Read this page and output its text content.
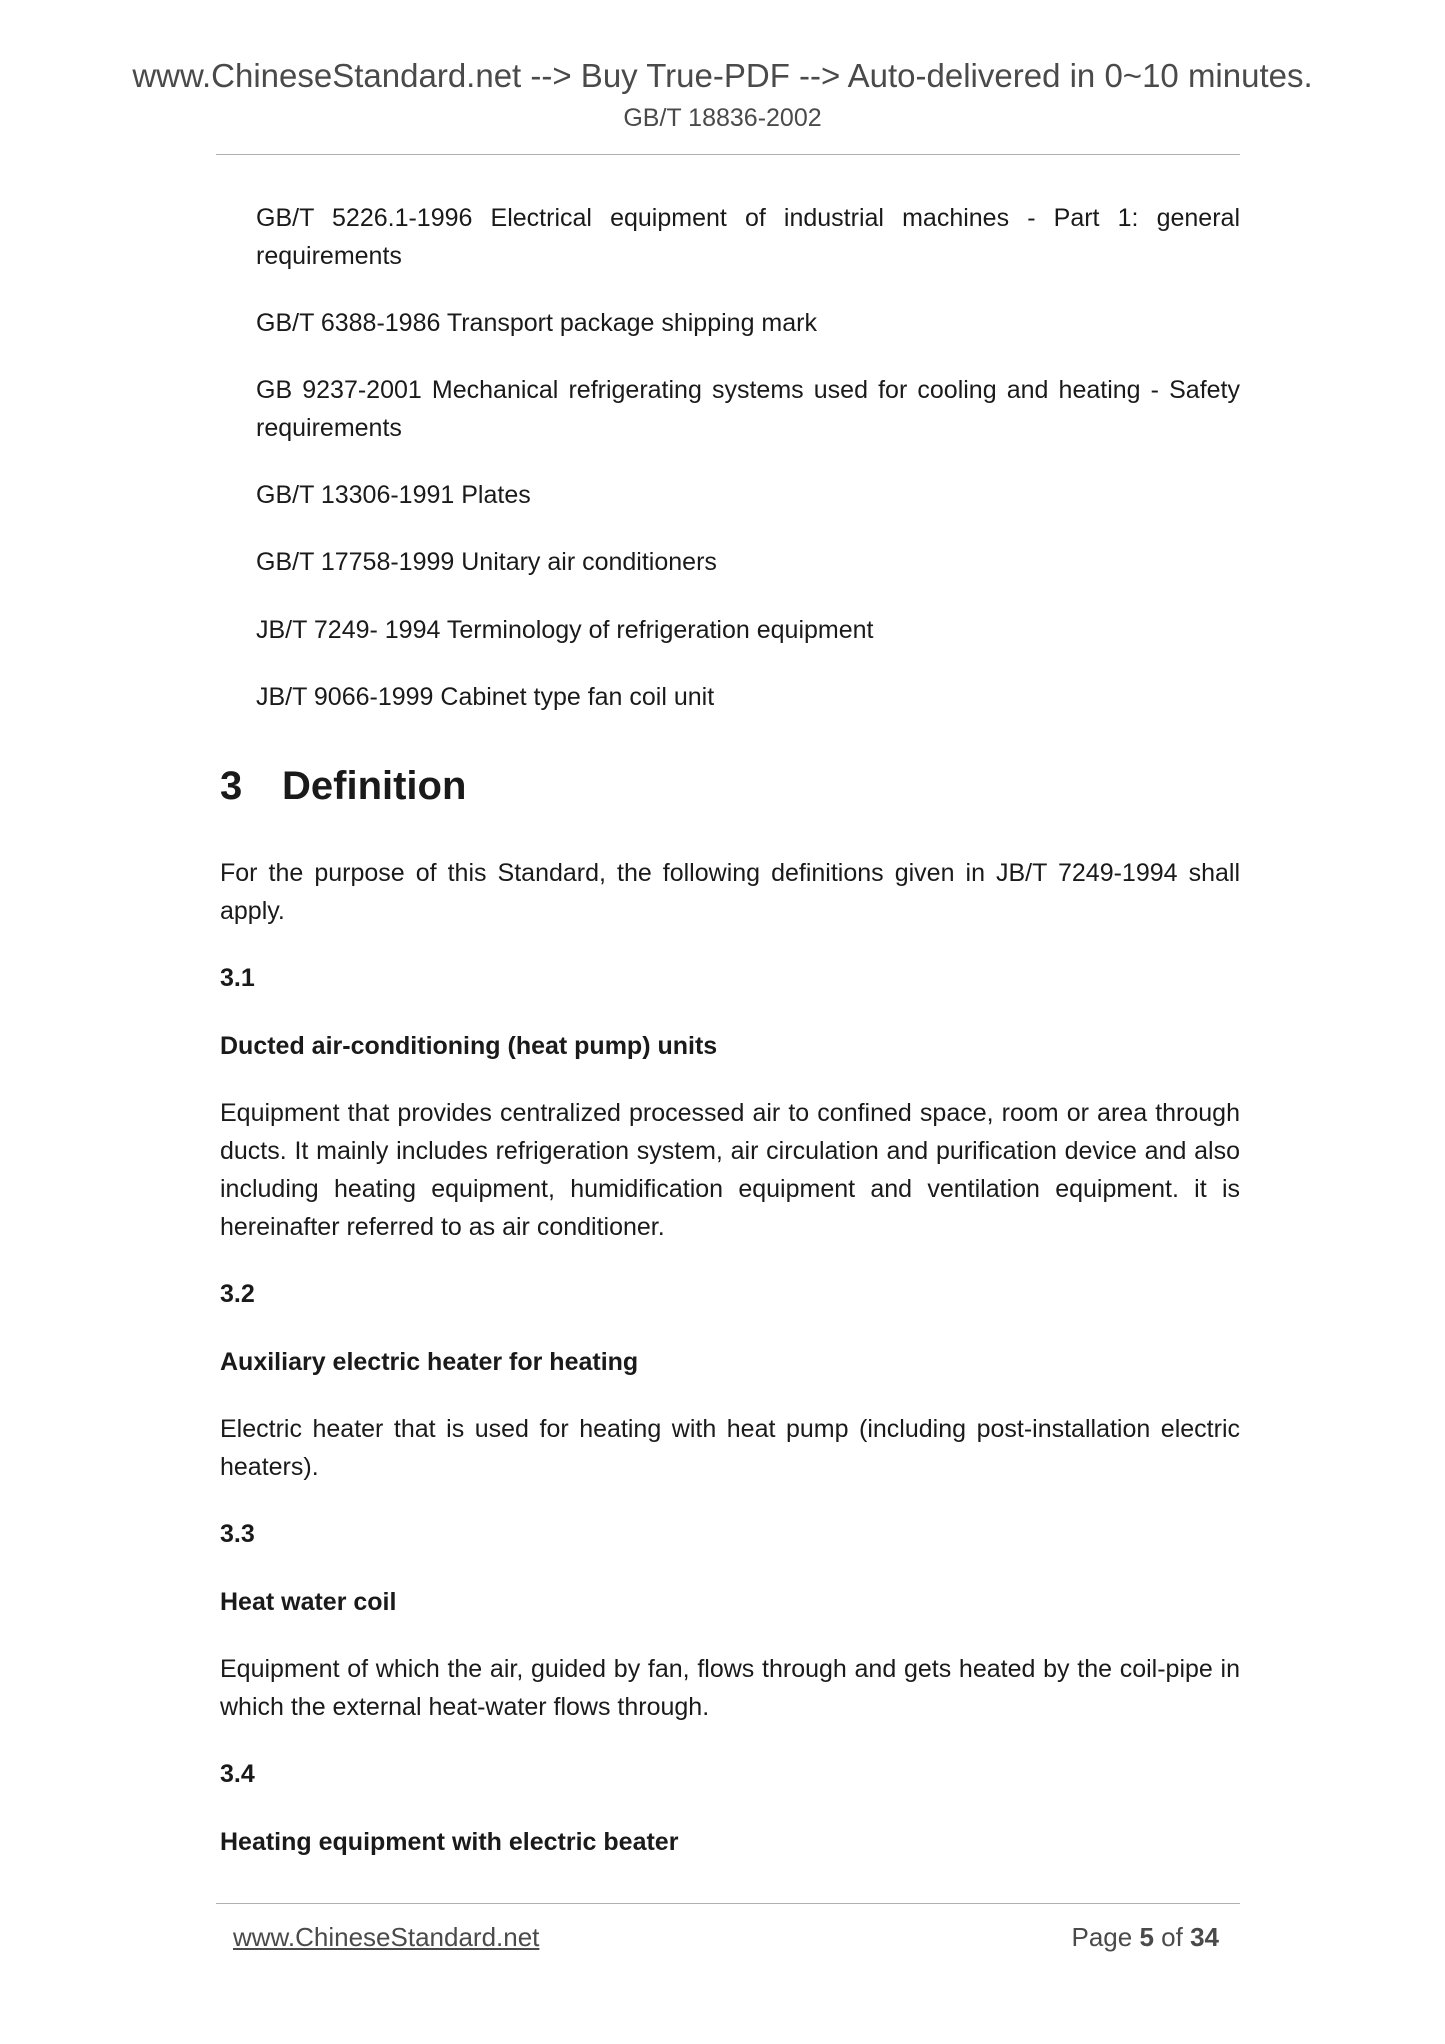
www.ChineseStandard.net --> Buy True-PDF --> Auto-delivered in 0~10 minutes.
GB/T 18836-2002
GB/T 5226.1-1996 Electrical equipment of industrial machines - Part 1: general requirements
GB/T 6388-1986 Transport package shipping mark
GB 9237-2001 Mechanical refrigerating systems used for cooling and heating - Safety requirements
GB/T 13306-1991 Plates
GB/T 17758-1999 Unitary air conditioners
JB/T 7249- 1994 Terminology of refrigeration equipment
JB/T 9066-1999 Cabinet type fan coil unit
3 Definition
For the purpose of this Standard, the following definitions given in JB/T 7249-1994 shall apply.
3.1
Ducted air-conditioning (heat pump) units
Equipment that provides centralized processed air to confined space, room or area through ducts. It mainly includes refrigeration system, air circulation and purification device and also including heating equipment, humidification equipment and ventilation equipment. it is hereinafter referred to as air conditioner.
3.2
Auxiliary electric heater for heating
Electric heater that is used for heating with heat pump (including post-installation electric heaters).
3.3
Heat water coil
Equipment of which the air, guided by fan, flows through and gets heated by the coil-pipe in which the external heat-water flows through.
3.4
Heating equipment with electric beater
www.ChineseStandard.net	Page 5 of 34
